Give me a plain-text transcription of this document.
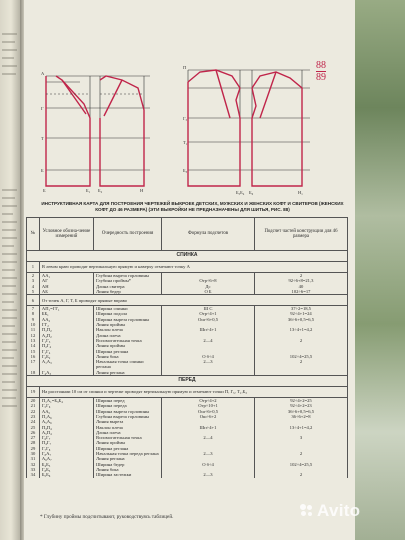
А
Г
Т
Б
Б	Б₁ Б₂	Н
П
Г₅
Т₁
Б₃
Б₅Б₄ Б₆	Н₁
88
89
ИНСТРУКТИВНАЯ КАРТА ДЛЯ ПОСТРОЕНИЯ ЧЕРТЕЖЕЙ ВЫКРОЕК ДЕТСКИХ, МУЖСКИХ И ЖЕНСКИХ КОФТ И СВИТЕРОВ (ЖЕНСКИХ КОФТ ДО 46 РАЗМЕРА) (ЭТИ ВЫКРОЙКИ НЕ ПРЕДНАЗНАЧЕНЫ ДЛЯ ШИТЬЯ, РИС. 88)
№	Условное обозна-чение измерений	Очередность построения	Формула подсчетов	Подсчет частей конструкции для 46 размера
СПИНКА				
1	В левом краю проводят вертикальную прямую и наверху отмечают точку А			
2	АА₁	Глубина выреза горловины		2
3	АГ	Глубина проймы*	Огр÷6+8	92÷6+8=21,3
4	АН	Длина свитера	Дс	40
5	АБ	Линия бедер	О Б	102÷6=17
6	От точек А, Г, Т, Б проводят прямые вправо			
7	АП₁=ГГ₁	Ширина спинки	Ш С	37÷2=18,5
8	ББ₁	Ширина подола	Огр÷4+1	92÷4+1=24
9	АА₂	Ширина выреза горловины	Ош÷6+0,5	36÷6+0,5=6,5
10	ГГ₂	Линия проймы		
11	П₁П₂	Наклон плеча	Шп÷4+1	13÷4+1=4,2
12	А₂П₂	Длина плеча		
13	Г₁Г₃	Вспомогательная точка	2—4	2
14	П₂Г₄	Линия проймы		
15	Г₁Г₄	Ширина реглана		
16	Г₂Б₂	Линия бока	О б÷4	102÷4=25,5
17	А₁А₃	Начальная точка спинки реглана	2—3	2
18	Г₄А₃	Линия реглана		
ПЕРЕД				
19	На расстоянии 10 см от спинки и чертеже проводят вертикальную прямую и отмечают точки П, Г₅, Т₁,Б₃			
20	П₁А₁=Б₃Б₄	Ширина перед	Огр÷4+2	92÷4+2=25
21	Г₅Г₆	Ширина переда	Огр÷10+1	92÷4+2=23
22	АА₅	Ширина выреза горловины	Ош÷6+0,5	36÷6+0,5=6,5
23	П₁А₆	Глубина выреза горловины	Ош÷6+2	36÷6+2=8
24	А₅А₆	Линия выреза		
25	П₃П₄	Наклон плеча	Шп÷4+1	13÷4+1=4,2
26	А₅П₄	Длина плеча		
27	Г₆Г₇	Вспомогательная точка	2—4	3
28	П₄Г₇	Линия проймы		
29	Г₇Г₈	Ширина реглана		
30	Г₈А₇	Начальная точка переда реглана	2—3	2
31	А₆А₇	Линия реглана		
32	Б₄Б₅	Ширина бедер	О б÷4	102÷4=25,5
33	Г₈Б₅	Линия бока		
34	Б₅Б₆	Ширина застежки	2—3	2
* Глубину проймы подсчитывают, руководствуясь таблицей.	Avito
